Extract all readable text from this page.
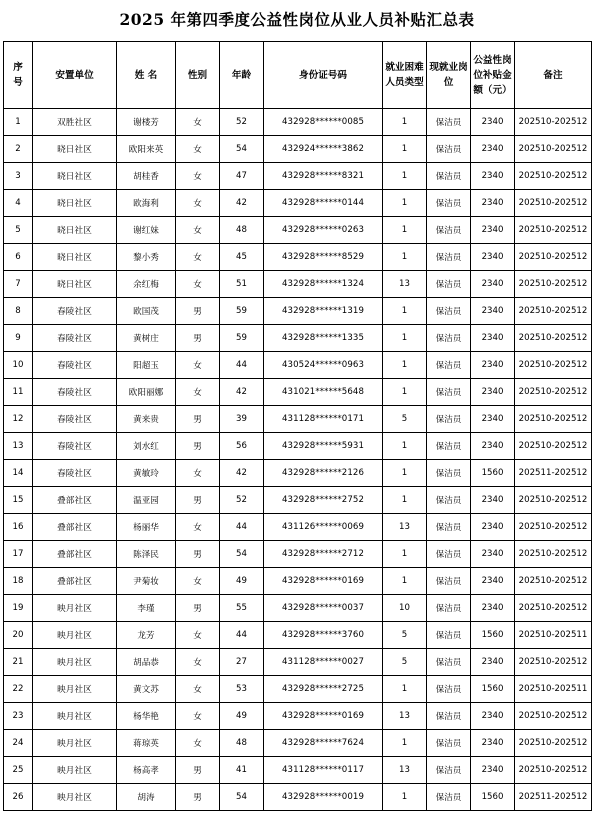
2025 年第四季度公益性岗位从业人员补贴汇总表
序号	安置单位	姓 名	性别	年龄	身份证号码	就业困难人员类型	现就业岗位	公益性岗位补贴金额（元）	备注
1	双胜社区	谢楼芳	女	52	432928******0085	1	保洁员	2340	202510-202512
2	晓日社区	欧阳来英	女	54	432924******3862	1	保洁员	2340	202510-202512
3	晓日社区	胡桂香	女	47	432928******8321	1	保洁员	2340	202510-202512
4	晓日社区	欧海利	女	42	432928******0144	1	保洁员	2340	202510-202512
5	晓日社区	谢红妹	女	48	432928******0263	1	保洁员	2340	202510-202512
6	晓日社区	黎小秀	女	45	432928******8529	1	保洁员	2340	202510-202512
7	晓日社区	余红梅	女	51	432928******1324	13	保洁员	2340	202510-202512
8	春陵社区	欧国茂	男	59	432928******1319	1	保洁员	2340	202510-202512
9	春陵社区	黄树庄	男	59	432928******1335	1	保洁员	2340	202510-202512
10	春陵社区	阳超玉	女	44	430524******0963	1	保洁员	2340	202510-202512
11	春陵社区	欧阳丽娜	女	42	431021******5648	1	保洁员	2340	202510-202512
12	春陵社区	黄来贵	男	39	431128******0171	5	保洁员	2340	202510-202512
13	春陵社区	刘水红	男	56	432928******5931	1	保洁员	2340	202510-202512
14	春陵社区	黄敏玲	女	42	432928******2126	1	保洁员	1560	202511-202512
15	叠部社区	温亚园	男	52	432928******2752	1	保洁员	2340	202510-202512
16	叠部社区	杨丽华	女	44	431126******0069	13	保洁员	2340	202510-202512
17	叠部社区	陈泽民	男	54	432928******2712	1	保洁员	2340	202510-202512
18	叠部社区	尹菊妆	女	49	432928******0169	1	保洁员	2340	202510-202512
19	映月社区	李瑾	男	55	432928******0037	10	保洁员	2340	202510-202512
20	映月社区	龙芳	女	44	432928******3760	5	保洁员	1560	202510-202511
21	映月社区	胡品恭	女	27	431128******0027	5	保洁员	2340	202510-202512
22	映月社区	黄文苏	女	53	432928******2725	1	保洁员	1560	202510-202511
23	映月社区	杨华艳	女	49	432928******0169	13	保洁员	2340	202510-202512
24	映月社区	蒋琼英	女	48	432928******7624	1	保洁员	2340	202510-202512
25	映月社区	杨高孝	男	41	431128******0117	13	保洁员	2340	202510-202512
26	映月社区	胡涛	男	54	432928******0019	1	保洁员	1560	202511-202512
